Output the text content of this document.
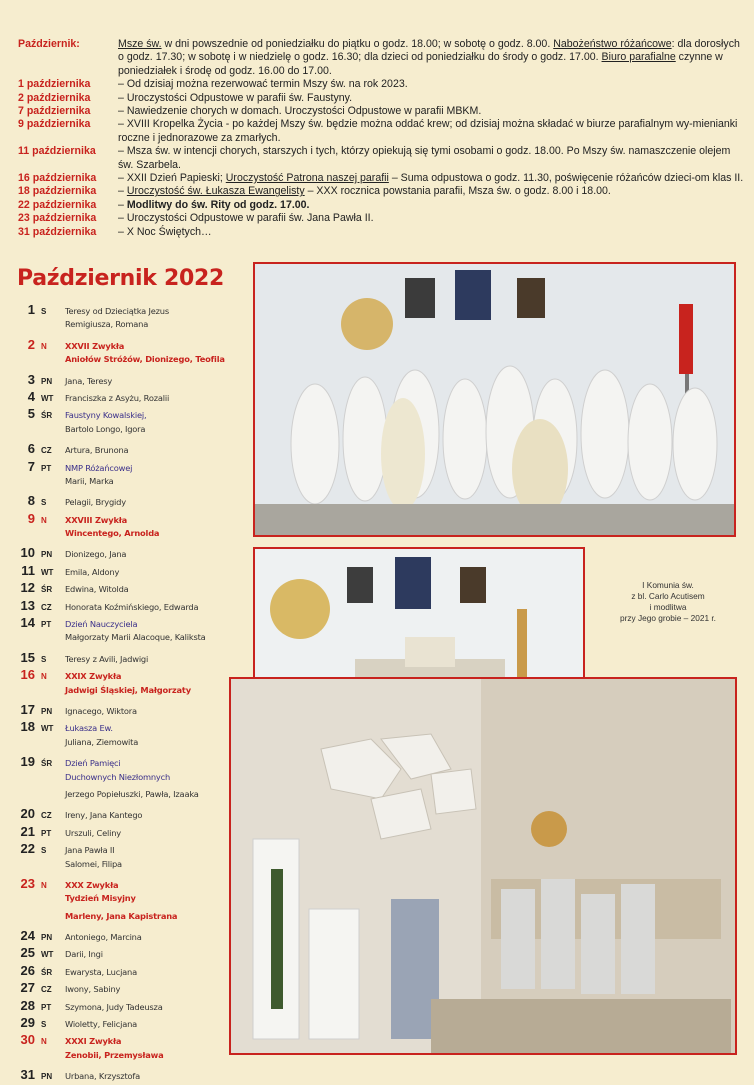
Październik:	Msze św. w dni powszednie od poniedziałku do piątku o godz. 18.00; w sobotę o godz. 8.00. Nabożeństwo różańcowe: dla dorosłych o godz. 17.30; w sobotę i w niedzielę o godz. 16.30; dla dzieci od poniedziałku do środy o godz. 17.00. Biuro parafialne czynne w poniedziałek i środę od godz. 16.00 do 17.00.
1 października	– Od dzisiaj można rezerwować termin Mszy św. na rok 2023.
2 października	– Uroczystości Odpustowe w parafii św. Faustyny.
7 października	– Nawiedzenie chorych w domach. Uroczystości Odpustowe w parafii MBKM.
9 października	– XVIII Kropelka Życia - po każdej Mszy św. będzie można oddać krew; od dzisiaj można składać w biurze parafialnym wy-mienianki roczne i jednorazowe za zmarłych.
11 października	– Msza św. w intencji chorych, starszych i tych, którzy opiekują się tymi osobami o godz. 18.00. Po Mszy św. namaszczenie olejem św. Szarbela.
16 października	– XXII Dzień Papieski; Uroczystość Patrona naszej parafii – Suma odpustowa o godz. 11.30, poświęcenie różańców dzieci-om klas II.
18 października	– Uroczystość św. Łukasza Ewangelisty – XXX rocznica powstania parafii, Msza św. o godz. 8.00 i 18.00.
22 października	– Modlitwy do św. Rity od godz. 17.00.
23 października	– Uroczystości Odpustowe w parafii św. Jana Pawła II.
31 października	– X Noc Świętych…
Październik 2022
1 S	Teresy od Dzieciątka Jezus
Remigiusza, Romana
2 N	XXVII Zwykła
Aniołów Stróżów, Dionizego, Teofila
3 PN	Jana, Teresy
4 WT	Franciszka z Asyżu, Rozalii
5 ŚR	Faustyny Kowalskiej,
Bartolo Longo, Igora
6 CZ	Artura, Brunona
7 PT	NMP Różańcowej
Marii, Marka
8 S	Pelagii, Brygidy
9 N	XXVIII Zwykła
Wincentego, Arnolda
10 PN	Dionizego, Jana
11 WT	Emila, Aldony
12 ŚR	Edwina, Witolda
13 CZ	Honorata Koźmińskiego, Edwarda
14 PT	Dzień Nauczyciela
Małgorzaty Marii Alacoque, Kaliksta
15 S	Teresy z Avili, Jadwigi
16 N	XXIX Zwykła
Jadwigi Śląskiej, Małgorzaty
17 PN	Ignacego, Wiktora
18 WT	Łukasza Ew.
Juliana, Ziemowita
19 ŚR	Dzień Pamięci
Duchownych Niezłomnych
Jerzego Popiełuszki, Pawła, Izaaka
20 CZ	Ireny, Jana Kantego
21 PT	Urszuli, Celiny
22 S	Jana Pawła II
Salomei, Filipa
23 N	XXX Zwykła
Tydzień Misyjny
Marleny, Jana Kapistrana
24 PN	Antoniego, Marcina
25 WT	Darii, Ingi
26 ŚR	Ewarysta, Lucjana
27 CZ	Iwony, Sabiny
28 PT	Szymona, Judy Tadeusza
29 S	Wioletty, Felicjana
30 N	XXXI Zwykła
Zenobii, Przemysława
31 PN	Urbana, Krzysztofa
I Komunia św.
z bl. Carlo Acutisem
i modlitwa
przy Jego grobie – 2021 r.
